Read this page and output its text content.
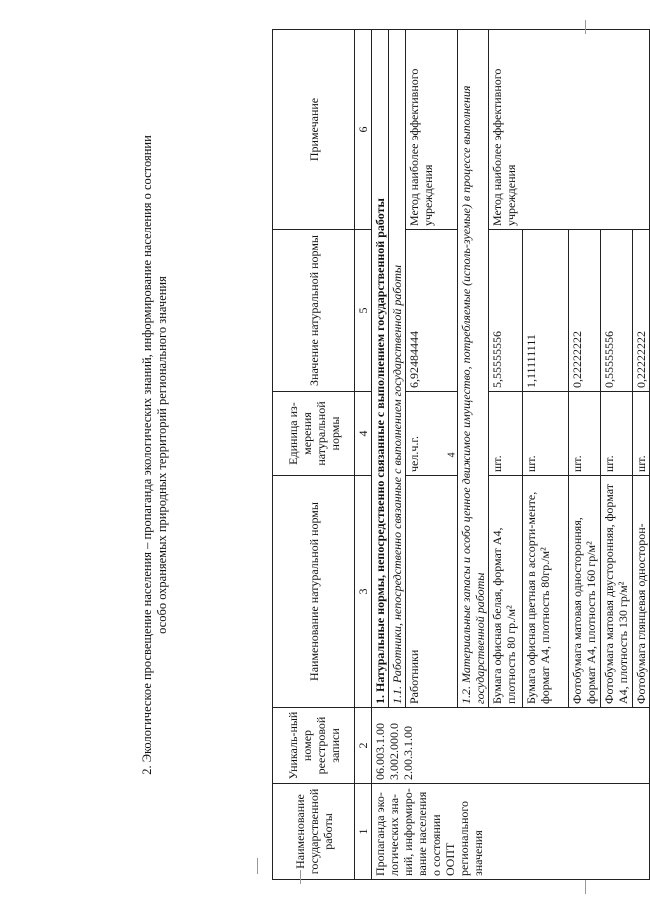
4
2. Экологическое просвещение населения – пропаганда экологических знаний, информирование населения о состоянии особо охраняемых природных территорий регионального значения
Наименование государственной работы	Уникаль-ный номер реестровой записи	Наименование натуральной нормы	Единица из-мерения натуральной нормы	Значение натуральной нормы	Примечание
1	2	3	4	5	6
Пропаганда эко-логических зна-ний, информиро-вание населения о состоянии ООПТ регионального значения	06.003.1.00 3.002.000.0 2.00.3.1.00	1. Натуральные нормы, непосредственно связанные с выполнением государственной работы			
		1.1. Работники, непосредственно связанные с выполнением государственной работы			
		Работники	чел.ч.г.	6,92484444	Метод наиболее эффективного учреждения
		1.2. Материальные запасы и особо ценное движимое имущество, потребляемые (исполь-зуемые) в процессе выполнения государственной работы			
		Бумага офисная белая, формат А4, плотность 80 гр./м²	шт.	5,55555556	Метод наиболее эффективного учреждения
		Бумага офисная цветная в ассорти-менте, формат А4, плотность 80гр./м²	шт.	1,11111111	
		Фотобумага матовая односторонняя, формат А4, плотность 160 гр/м²	шт.	0,22222222	
		Фотобумага матовая двусторонняя, формат А4, плотность 130 гр/м²	шт.	0,55555556	
		Фотобумага глянцевая односторон-	шт.	0,22222222	
